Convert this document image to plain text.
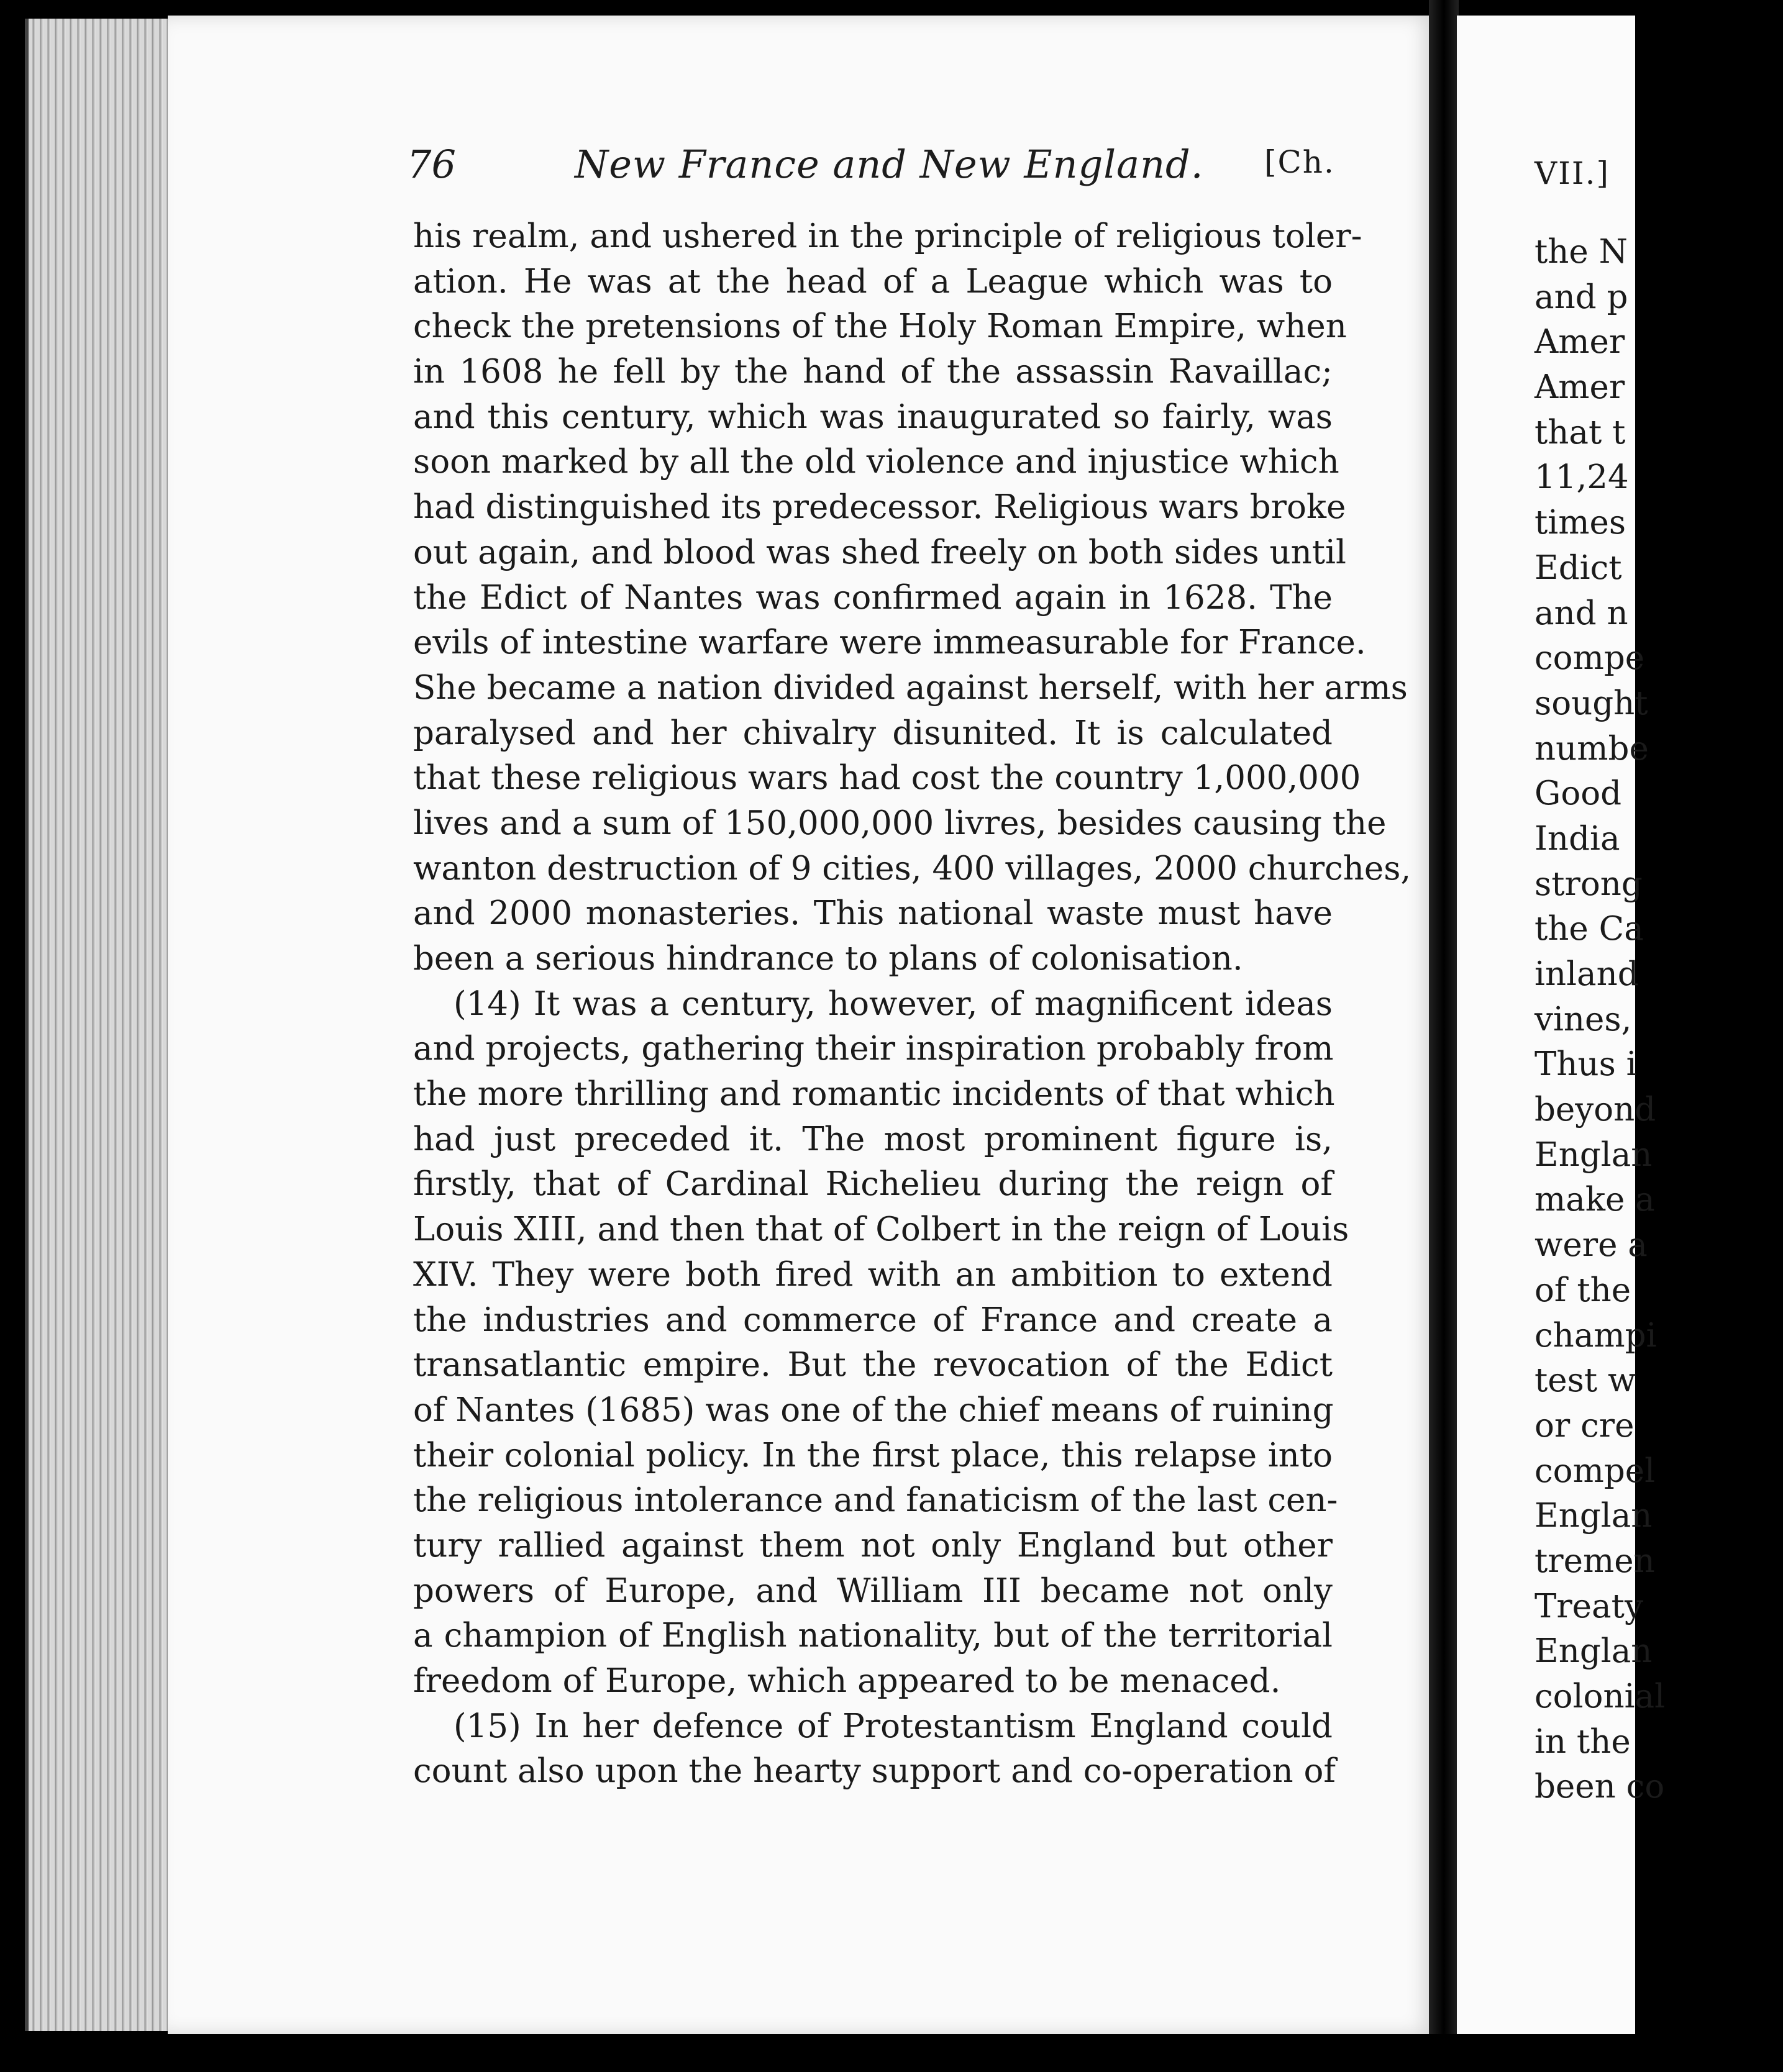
76	New France and New England. [Ch.
his realm, and ushered in the principle of religious toler-
ation. He was at the head of a League which was to
check the pretensions of the Holy Roman Empire, when
in 1608 he fell by the hand of the assassin Ravaillac;
and this century, which was inaugurated so fairly, was
soon marked by all the old violence and injustice which
had distinguished its predecessor. Religious wars broke
out again, and blood was shed freely on both sides until
the Edict of Nantes was confirmed again in 1628. The
evils of intestine warfare were immeasurable for France.
She became a nation divided against herself, with her arms
paralysed and her chivalry disunited. It is calculated
that these religious wars had cost the country 1,000,000
lives and a sum of 150,000,000 livres, besides causing the
wanton destruction of 9 cities, 400 villages, 2000 churches,
and 2000 monasteries. This national waste must have
been a serious hindrance to plans of colonisation.
(14) It was a century, however, of magnificent ideas
and projects, gathering their inspiration probably from
the more thrilling and romantic incidents of that which
had just preceded it. The most prominent figure is,
firstly, that of Cardinal Richelieu during the reign of
Louis XIII, and then that of Colbert in the reign of Louis
XIV. They were both fired with an ambition to extend
the industries and commerce of France and create a
transatlantic empire. But the revocation of the Edict
of Nantes (1685) was one of the chief means of ruining
their colonial policy. In the first place, this relapse into
the religious intolerance and fanaticism of the last cen-
tury rallied against them not only England but other
powers of Europe, and William III became not only
a champion of English nationality, but of the territorial
freedom of Europe, which appeared to be menaced.
(15) In her defence of Protestantism England could
count also upon the hearty support and co-operation of
VII.]
the N
and p
Amer
Amer
that t
11,24
times
Edict
and n
compe
sought
numbe
Good
India
strong
the Ca
inland
vines,
Thus i
beyond
Englan
make a
were a
of the
champi
test w
or cre
compel
Englan
tremen
Treaty
Englan
colonial
in the
been co
